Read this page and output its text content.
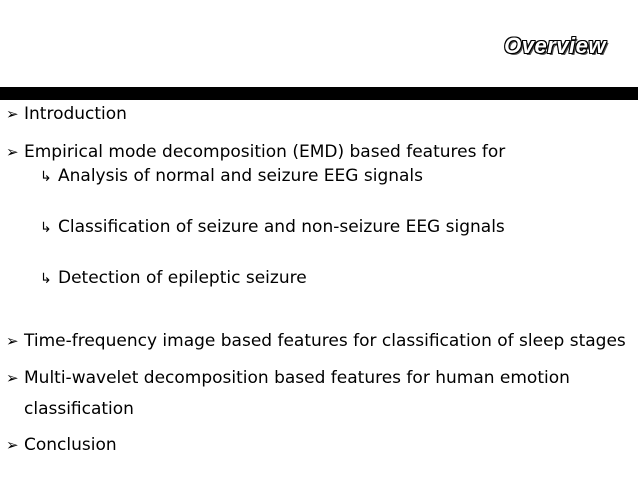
Overview
➢ Introduction
➢ Empirical mode decomposition (EMD) based features for
↳ Analysis of normal and seizure EEG signals
↳ Classification of seizure and non-seizure EEG signals
↳ Detection of epileptic seizure
➢ Time-frequency image based features for classification of sleep stages
➢ Multi-wavelet decomposition based features for human emotion
classification
➢ Conclusion
